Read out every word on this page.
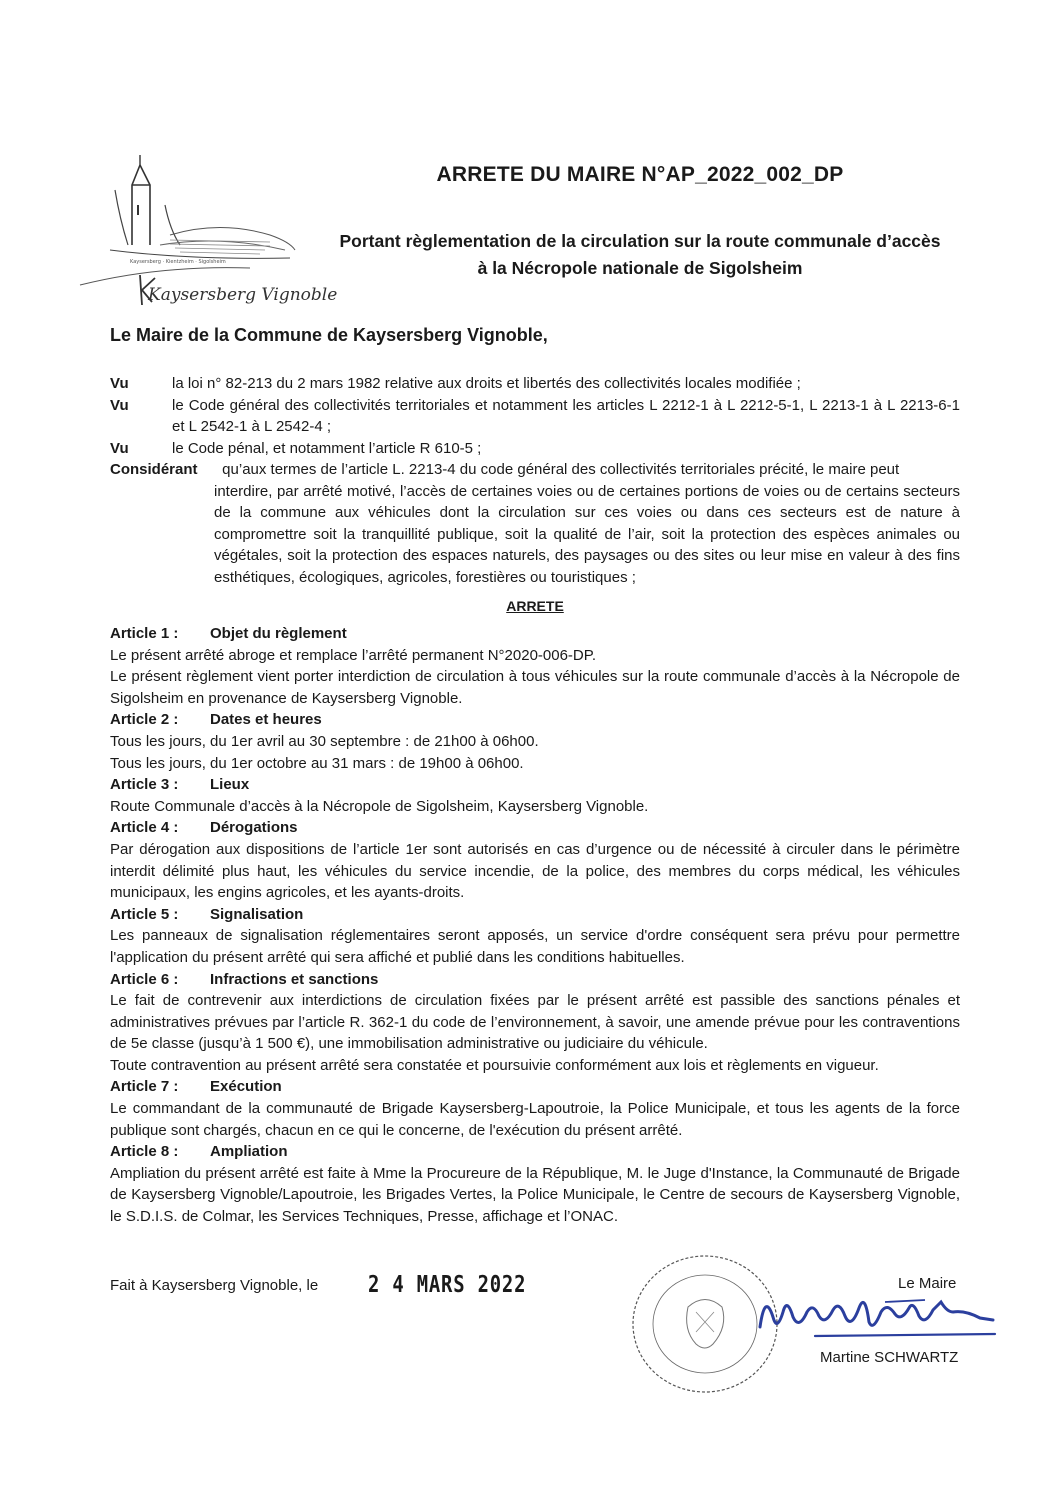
Kaysersberg · Kientzheim · Sigolsheim
Kaysersberg Vignoble
ARRETE DU MAIRE N°AP_2022_002_DP
Portant règlementation de la circulation sur la route communale d’accès
à la Nécropole nationale de Sigolsheim
Le Maire de la Commune de Kaysersberg Vignoble,
Vu	la loi n° 82-213 du 2 mars 1982 relative aux droits et libertés des collectivités locales modifiée ;
Vu	le Code général des collectivités territoriales et notamment les articles L 2212-1 à L 2212-5-1, L 2213-1 à L 2213-6-1 et L 2542-1 à L 2542-4 ;
Vu	le Code pénal, et notamment l’article R 610-5 ;
Considérant qu’aux termes de l’article L. 2213-4 du code général des collectivités territoriales précité, le maire peut
interdire, par arrêté motivé, l’accès de certaines voies ou de certaines portions de voies ou de certains secteurs de la commune aux véhicules dont la circulation sur ces voies ou dans ces secteurs est de nature à compromettre soit la tranquillité publique, soit la qualité de l’air, soit la protection des espèces animales ou végétales, soit la protection des espaces naturels, des paysages ou des sites ou leur mise en valeur à des fins esthétiques, écologiques, agricoles, forestières ou touristiques ;
ARRETE
Article 1 :	Objet du règlement

Le présent arrêté abroge et remplace l’arrêté permanent N°2020-006-DP.

Le présent règlement vient porter interdiction de circulation à tous véhicules sur la route communale d’accès à la Nécropole de Sigolsheim en provenance de Kaysersberg Vignoble.

Article 2 :	Dates et heures

Tous les jours, du 1er avril au 30 septembre : de 21h00 à 06h00.

Tous les jours, du 1er octobre au 31 mars : de 19h00 à 06h00.

Article 3 :	Lieux

Route Communale d’accès à la Nécropole de Sigolsheim, Kaysersberg Vignoble.

Article 4 :	Dérogations

Par dérogation aux dispositions de l’article 1er sont autorisés en cas d’urgence ou de nécessité à circuler dans le périmètre interdit délimité plus haut, les véhicules du service incendie, de la police, des membres du corps médical, les véhicules municipaux, les engins agricoles, et les ayants-droits.

Article 5 :	Signalisation

Les panneaux de signalisation réglementaires seront apposés, un service d'ordre conséquent sera prévu pour permettre l'application du présent arrêté qui sera affiché et publié dans les conditions habituelles.

Article 6 :	Infractions et sanctions

Le fait de contrevenir aux interdictions de circulation fixées par le présent arrêté est passible des sanctions pénales et administratives prévues par l’article R. 362-1 du code de l’environnement, à savoir, une amende prévue pour les contraventions de 5e classe (jusqu’à 1 500 €), une immobilisation administrative ou judiciaire du véhicule.

Toute contravention au présent arrêté sera constatée et poursuivie conformément aux lois et règlements en vigueur.

Article 7 :	Exécution

Le commandant de la communauté de Brigade Kaysersberg-Lapoutroie, la Police Municipale, et tous les agents de la force publique sont chargés, chacun en ce qui le concerne, de l'exécution du présent arrêté.

Article 8 :	Ampliation

Ampliation du présent arrêté est faite à Mme la Procureure de la République, M. le Juge d'Instance, la Communauté de Brigade de Kaysersberg Vignoble/Lapoutroie, les Brigades Vertes, la Police Municipale, le Centre de secours de Kaysersberg Vignoble, le S.D.I.S. de Colmar, les Services Techniques, Presse, affichage et l’ONAC.

Fait à Kaysersberg Vignoble, le 2 4 MARS 2022	Le Maire
Martine SCHWARTZ
